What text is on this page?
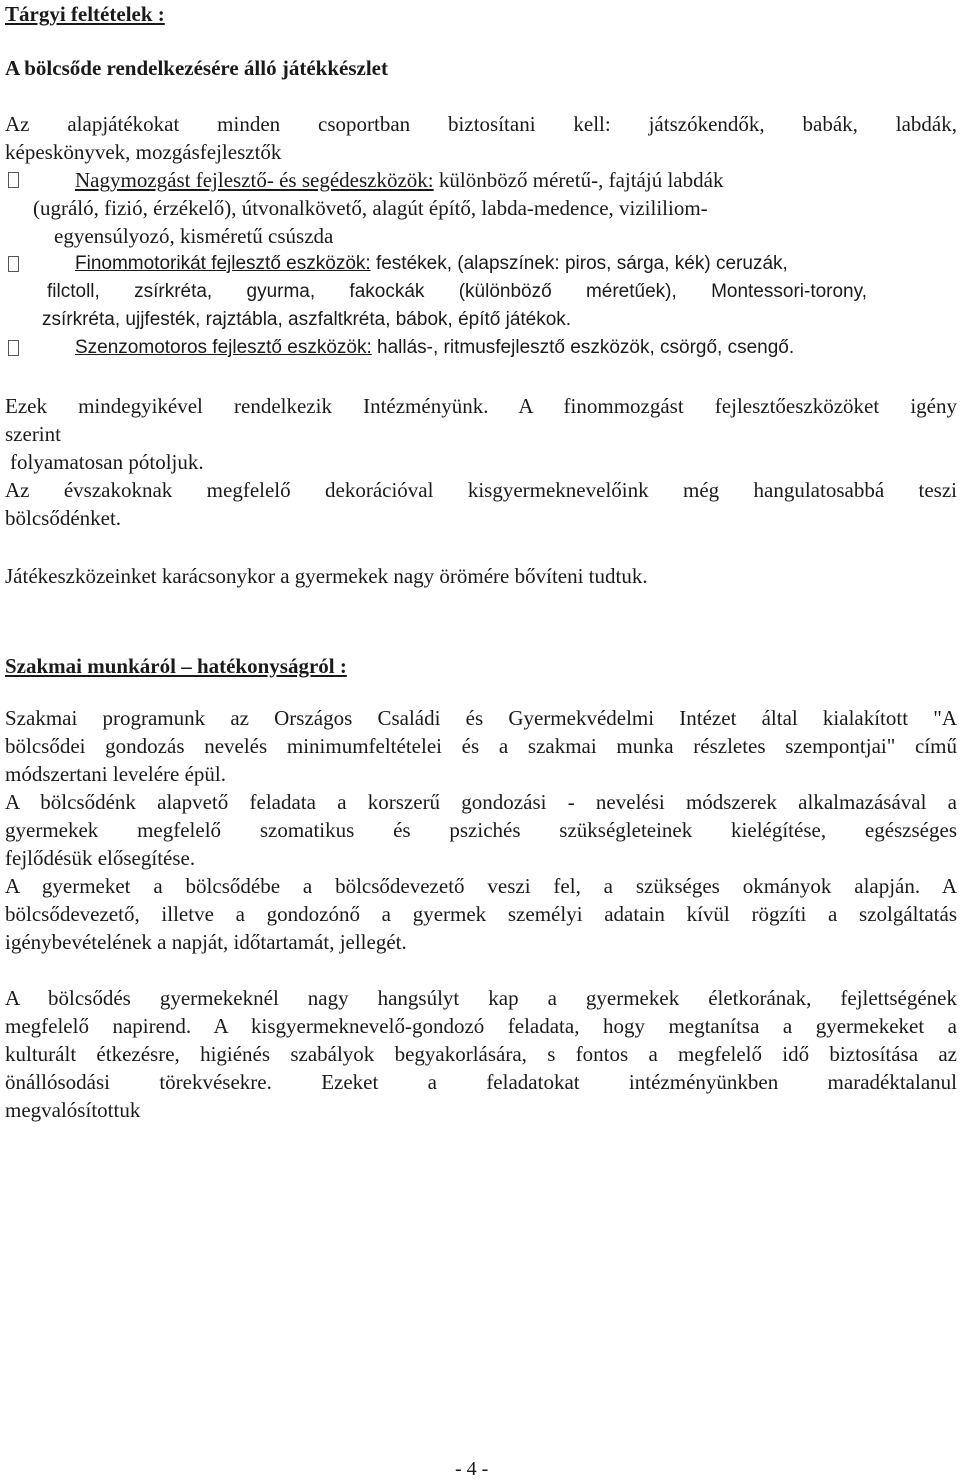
Tárgyi feltételek :
A bölcsőde rendelkezésére álló játékkészlet
Az alapjátékokat minden csoportban biztosítani kell: játszókendők, babák, labdák,
képeskönyvek, mozgásfejlesztők
Nagymozgást fejlesztő- és segédeszközök: különböző méretű-, fajtájú labdák
(ugráló, fizió, érzékelő), útvonalkövető, alagút építő, labda-medence, vizililiom-
egyensúlyozó, kisméretű csúszda
Finommotorikát fejlesztő eszközök: festékek, (alapszínek: piros, sárga, kék) ceruzák,
filctoll, zsírkréta, gyurma, fakockák (különböző méretűek), Montessori-torony,
zsírkréta, ujjfesték, rajztábla, aszfaltkréta, bábok, építő játékok.
Szenzomotoros fejlesztő eszközök: hallás-, ritmusfejlesztő eszközök, csörgő, csengő.
Ezek mindegyikével rendelkezik Intézményünk. A finommozgást fejlesztőeszközöket igény
szerint
folyamatosan pótoljuk.
Az évszakoknak megfelelő dekorációval kisgyermeknevelőink még hangulatosabbá teszi
bölcsődénket.
Játékeszközeinket karácsonykor a gyermekek nagy örömére bővíteni tudtuk.
Szakmai munkáról – hatékonyságról :
Szakmai programunk az Országos Családi és Gyermekvédelmi Intézet által kialakított "A
bölcsődei gondozás nevelés minimumfeltételei és a szakmai munka részletes szempontjai" című
módszertani levelére épül.
A bölcsődénk alapvető feladata a korszerű gondozási - nevelési módszerek alkalmazásával a
gyermekek megfelelő szomatikus és pszichés szükségleteinek kielégítése, egészséges
fejlődésük elősegítése.
A gyermeket a bölcsődébe a bölcsődevezető veszi fel, a szükséges okmányok alapján. A
bölcsődevezető, illetve a gondozónő a gyermek személyi adatain kívül rögzíti a szolgáltatás
igénybevételének a napját, időtartamát, jellegét.
A bölcsődés gyermekeknél nagy hangsúlyt kap a gyermekek életkorának, fejlettségének
megfelelő napirend. A kisgyermeknevelő-gondozó feladata, hogy megtanítsa a gyermekeket a
kulturált étkezésre, higiénés szabályok begyakorlására, s fontos a megfelelő idő biztosítása az
önállósodási törekvésekre. Ezeket a feladatokat intézményünkben maradéktalanul
megvalósítottuk
- 4 -
